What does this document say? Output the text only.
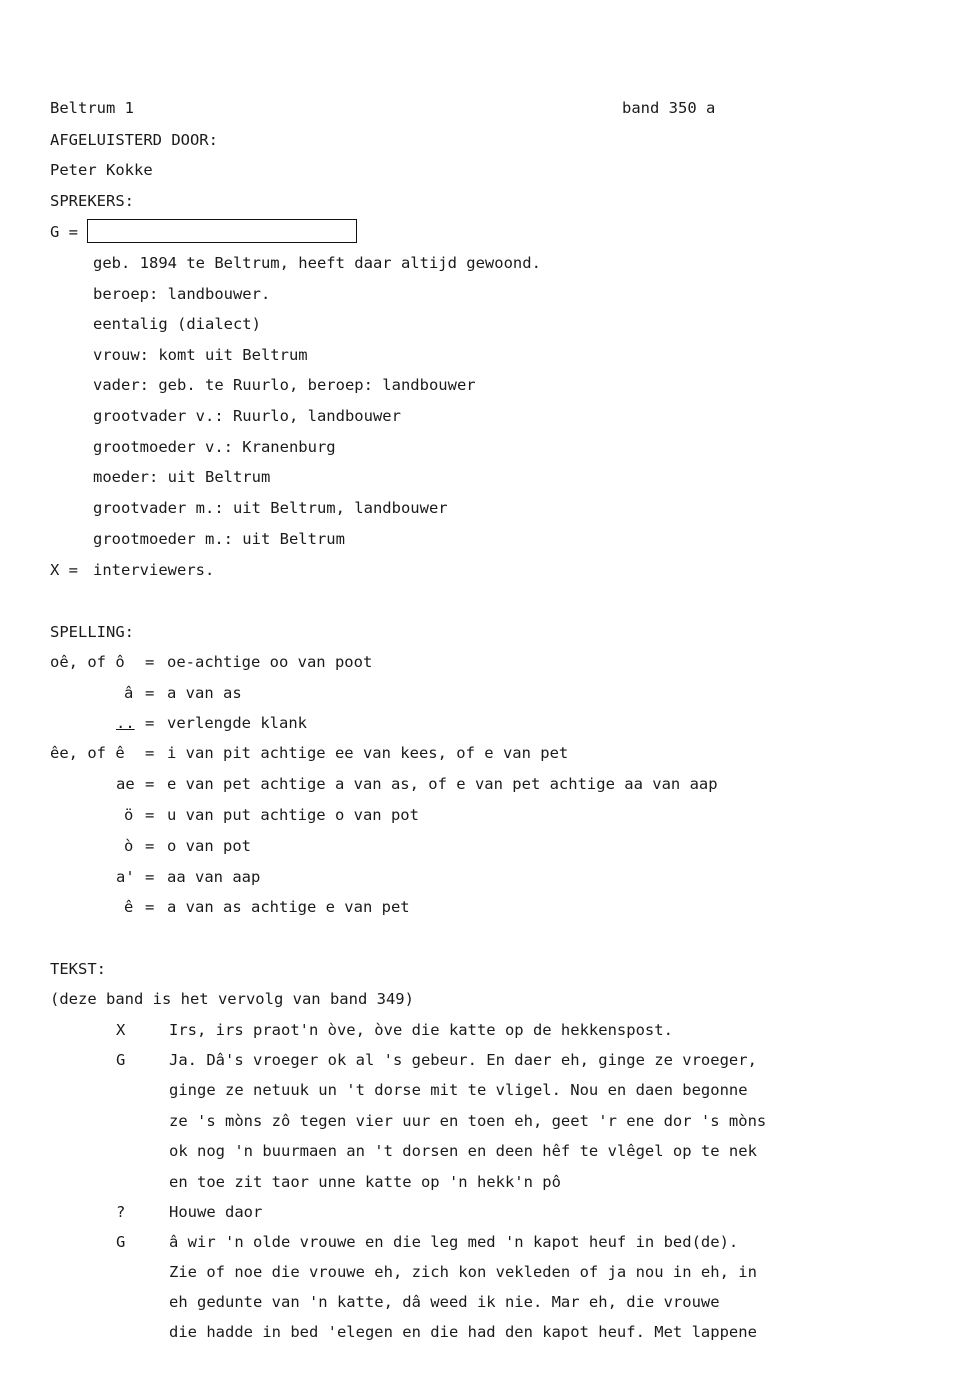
Beltrum 1	band 350 a
AFGELUISTERD DOOR:
Peter Kokke
SPREKERS:
G =
geb. 1894 te Beltrum, heeft daar altijd gewoond.
beroep: landbouwer.
eentalig (dialect)
vrouw: komt uit Beltrum
vader: geb. te Ruurlo, beroep: landbouwer
grootvader v.: Ruurlo, landbouwer
grootmoeder v.: Kranenburg
moeder: uit Beltrum
grootvader m.: uit Beltrum, landbouwer
grootmoeder m.: uit Beltrum
X = interviewers.
SPELLING:
oê, of ô = oe-achtige oo van poot
â = a van as
.. = verlengde klank
êe, of ê = i van pit achtige ee van kees, of e van pet
ae = e van pet achtige a van as, of e van pet achtige aa van aap
ö = u van put achtige o van pot
ò = o van pot
a' = aa van aap
ê = a van as achtige e van pet
TEKST:
(deze band is het vervolg van band 349)
X	Irs, irs praot'n òve, òve die katte op de hekkenspost.
G	Ja. Dâ's vroeger ok al 's gebeur. En daer eh, ginge ze vroeger,
ginge ze netuuk un 't dorse mit te vligel. Nou en daen begonne
ze 's mòns zô tegen vier uur en toen eh, geet 'r ene dor 's mòns
ok nog 'n buurmaen an 't dorsen en deen hêf te vlêgel op te nek
en toe zit taor unne katte op 'n hekk'n pô
?	Houwe daor
G	â wir 'n olde vrouwe en die leg med 'n kapot heuf in bed(de).
Zie of noe die vrouwe eh, zich kon vekleden of ja nou in eh, in
eh gedunte van 'n katte, dâ weed ik nie. Mar eh, die vrouwe
die hadde in bed 'elegen en die had den kapot heuf. Met lappene
